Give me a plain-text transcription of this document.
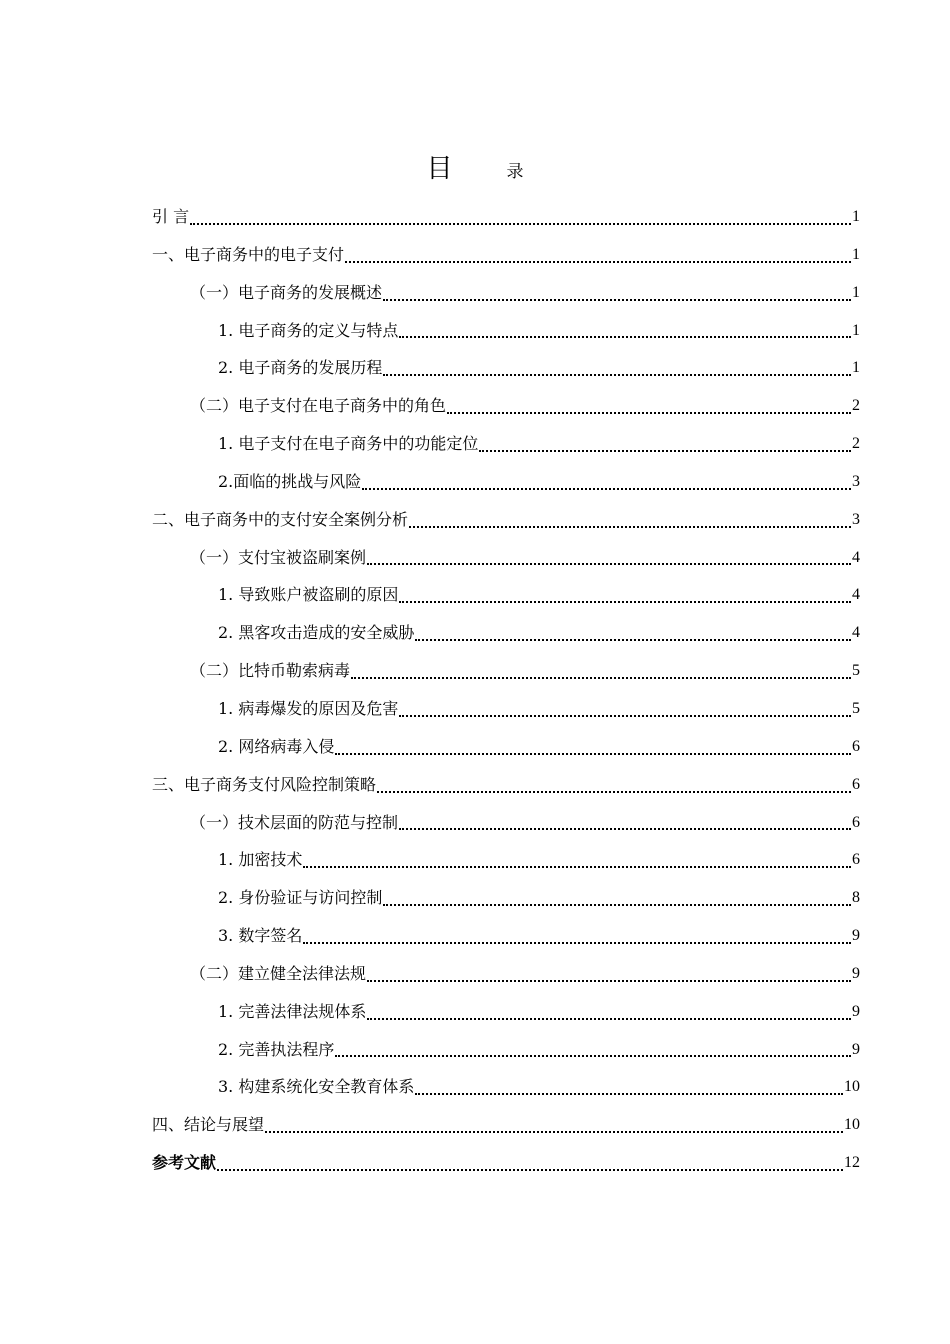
目	录
引 言	1
一、电子商务中的电子支付	1
（一）电子商务的发展概述	1
1. 电子商务的定义与特点	1
2. 电子商务的发展历程	1
（二）电子支付在电子商务中的角色	2
1. 电子支付在电子商务中的功能定位	2
2.面临的挑战与风险	3
二、电子商务中的支付安全案例分析	3
（一）支付宝被盗刷案例	4
1. 导致账户被盗刷的原因	4
2. 黑客攻击造成的安全威胁	4
（二）比特币勒索病毒	5
1. 病毒爆发的原因及危害	5
2. 网络病毒入侵	6
三、电子商务支付风险控制策略	6
（一）技术层面的防范与控制	6
1. 加密技术	6
2. 身份验证与访问控制	8
3. 数字签名	9
（二）建立健全法律法规	9
1. 完善法律法规体系	9
2. 完善执法程序	9
3. 构建系统化安全教育体系	10
四、结论与展望	10
参考文献	12
